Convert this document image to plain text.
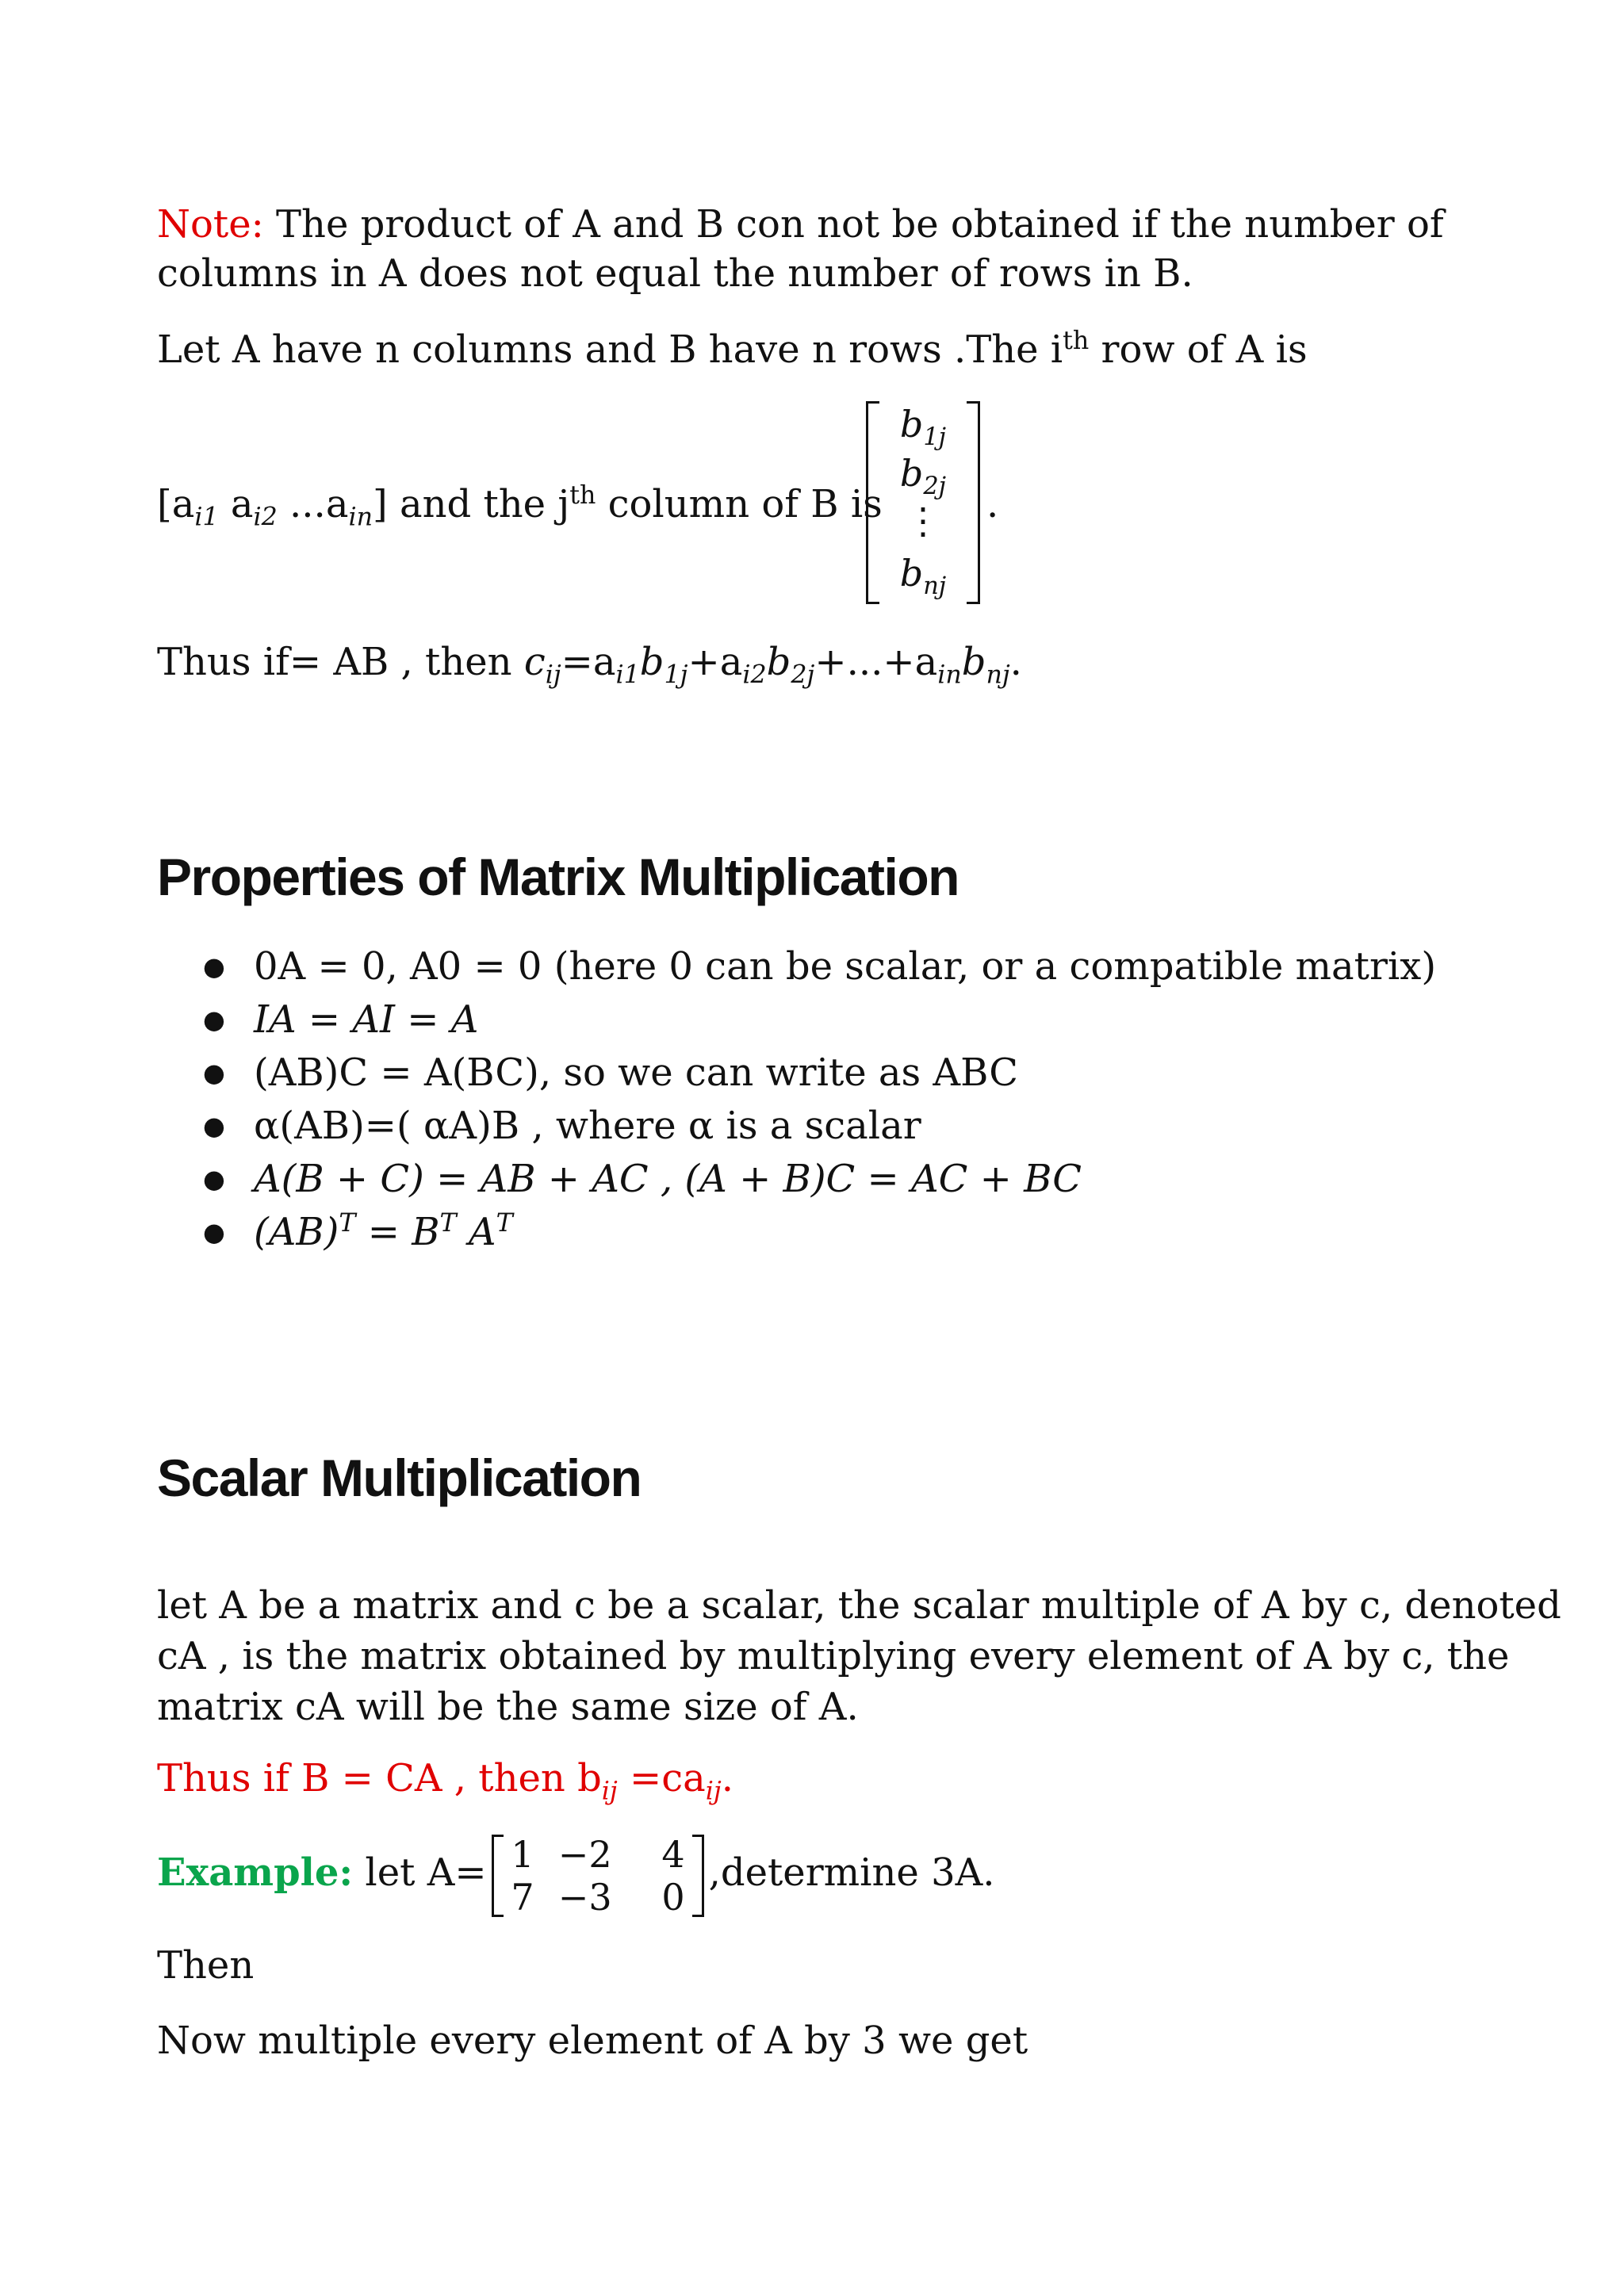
Note: The product of A and B con not be obtained if the number of
columns in A does not equal the number of rows in B.
Let A have n columns and B have n rows .The $i^{th}$ row of A is
[$a_{i1}$ $a_{i2}$ $...a_{in}$] and the $j^{th}$ column of B is	.
$b_{1j}$
$b_{2j}$
⋮
$b_{nj}$
Thus if= AB , then $c_{ij}=a_{i1}b_{1j}+a_{i2}b_{2j}+...+a_{in}b_{nj}$.
Properties of Matrix Multiplication
● 0A = 0, A0 = 0 (here 0 can be scalar, or a compatible matrix)
● IA = AI = A
● (AB)C = A(BC), so we can write as ABC
● α(AB)=( αA)B , where α is a scalar
● A(B + C) = AB + AC , (A + B)C = AC + BC
● $(AB)^T = B^T$ $A^T$
Scalar Multiplication
let A be a matrix and c be a scalar, the scalar multiple of A by c, denoted
cA , is the matrix obtained by multiplying every element of A by c, the
matrix cA will be the same size of A.
Thus if B = CA , then $b_{ij} =ca_{ij}$.
Example: let A= 1 −2	4
7 −3	0
,determine 3A.
Then
Now multiple every element of A by 3 we get
